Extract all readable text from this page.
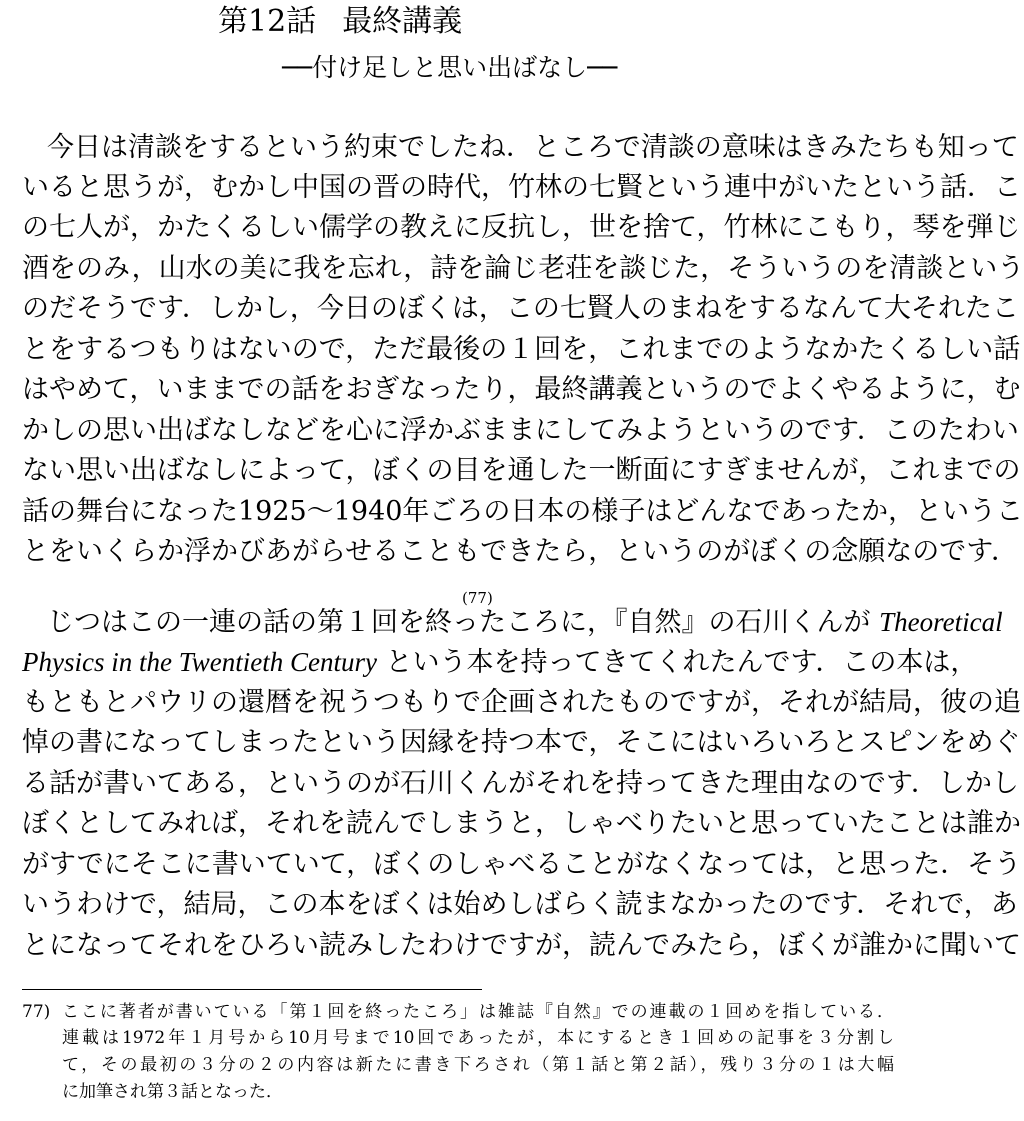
第12話 最終講義
──付け足しと思い出ばなし──
今日は清談をするという約束でしたね．ところで清談の意味はきみたちも知って
いると思うが，むかし中国の晋の時代，竹林の七賢という連中がいたという話．こ
の七人が，かたくるしい儒学の教えに反抗し，世を捨て，竹林にこもり，琴を弾じ
酒をのみ，山水の美に我を忘れ，詩を論じ老荘を談じた，そういうのを清談という
のだそうです．しかし，今日のぼくは，この七賢人のまねをするなんて大それたこ
とをするつもりはないので，ただ最後の１回を，これまでのようなかたくるしい話
はやめて，いままでの話をおぎなったり，最終講義というのでよくやるように，む
かしの思い出ばなしなどを心に浮かぶままにしてみようというのです．このたわい
ない思い出ばなしによって，ぼくの目を通した一断面にすぎませんが，これまでの
話の舞台になった1925～1940年ごろの日本の様子はどんなであったか，というこ
とをいくらか浮かびあがらせることもできたら，というのがぼくの念願なのです．
(77)
じつはこの一連の話の第１回を終ったころに，『自然』の石川くんが Theoretical
Physics in the Twentieth Century という本を持ってきてくれたんです．この本は，
もともとパウリの還暦を祝うつもりで企画されたものですが，それが結局，彼の追
悼の書になってしまったという因縁を持つ本で，そこにはいろいろとスピンをめぐ
る話が書いてある，というのが石川くんがそれを持ってきた理由なのです．しかし
ぼくとしてみれば，それを読んでしまうと，しゃべりたいと思っていたことは誰か
がすでにそこに書いていて，ぼくのしゃべることがなくなっては，と思った．そう
いうわけで，結局，この本をぼくは始めしばらく読まなかったのです．それで，あ
とになってそれをひろい読みしたわけですが，読んでみたら，ぼくが誰かに聞いて
77) ここに著者が書いている「第１回を終ったころ」は雑誌『自然』での連載の１回めを指している．
連載は1972年１月号から10月号まで10回であったが，本にするとき１回めの記事を３分割し
て，その最初の３分の２の内容は新たに書き下ろされ（第１話と第２話），残り３分の１は大幅
に加筆され第３話となった．
